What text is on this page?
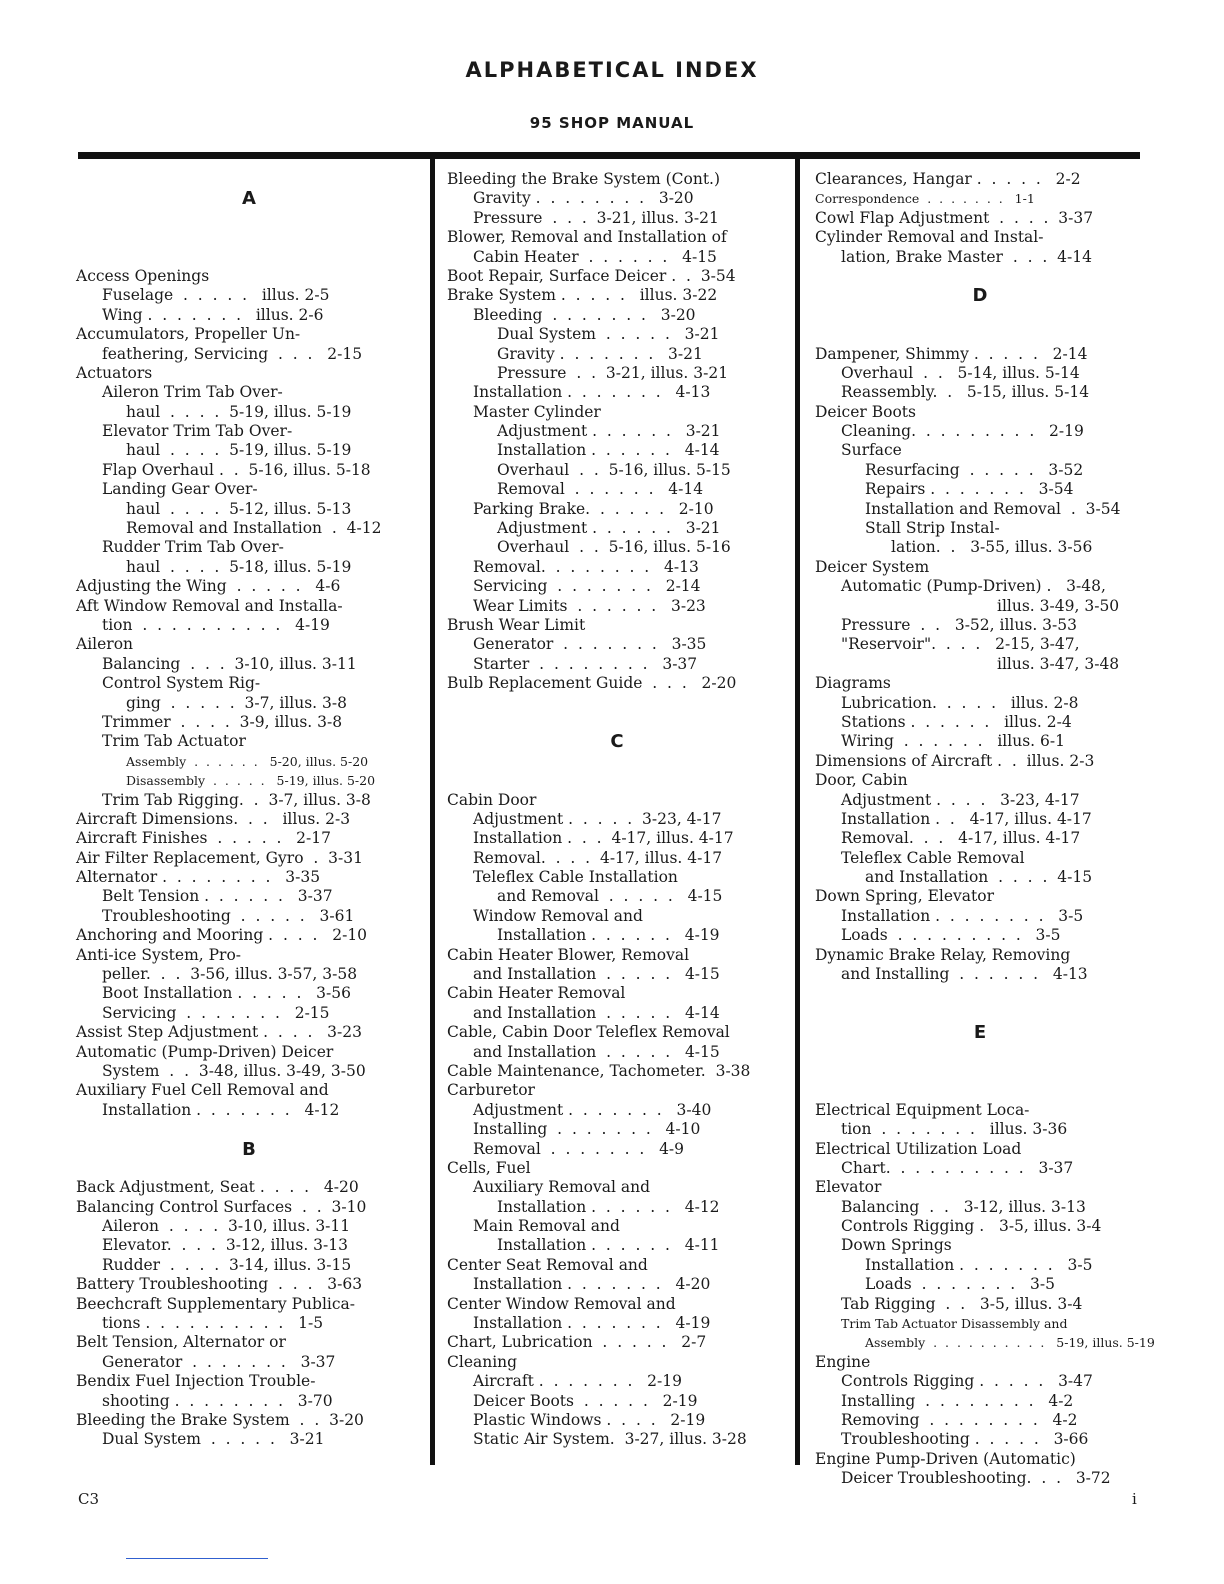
ALPHABETICAL INDEX
95 SHOP MANUAL
A
Access Openings
Fuselage  .  .  .  .  .   illus. 2-5
Wing .  .  .  .  .  .  .   illus. 2-6
Accumulators, Propeller Un-
feathering, Servicing  .  .  .   2-15
Actuators
Aileron Trim Tab Over-
haul  .  .  .  .  5-19, illus. 5-19
Elevator Trim Tab Over-
haul  .  .  .  .  5-19, illus. 5-19
Flap Overhaul .  .  5-16, illus. 5-18
Landing Gear Over-
haul  .  .  .  .  5-12, illus. 5-13
Removal and Installation  .  4-12
Rudder Trim Tab Over-
haul  .  .  .  .  5-18, illus. 5-19
Adjusting the Wing  .  .  .  .  .   4-6
Aft Window Removal and Installa-
tion  .  .  .  .  .  .  .  .  .  .   4-19
Aileron
Balancing  .  .  .  3-10, illus. 3-11
Control System Rig-
ging  .  .  .  .  .  3-7, illus. 3-8
Trimmer  .  .  .  .  3-9, illus. 3-8
Trim Tab Actuator
Assembly  .  .  .  .  .  .   5-20, illus. 5-20
Disassembly  .  .  .  .  .   5-19, illus. 5-20
Trim Tab Rigging.  .  3-7, illus. 3-8
Aircraft Dimensions.  .  .   illus. 2-3
Aircraft Finishes  .  .  .  .  .   2-17
Air Filter Replacement, Gyro  .  3-31
Alternator .  .  .  .  .  .  .  .   3-35
Belt Tension .  .  .  .  .  .   3-37
Troubleshooting  .  .  .  .  .   3-61
Anchoring and Mooring .  .  .  .   2-10
Anti-ice System, Pro-
peller.  .  .  3-56, illus. 3-57, 3-58
Boot Installation .  .  .  .  .   3-56
Servicing  .  .  .  .  .  .  .   2-15
Assist Step Adjustment .  .  .  .   3-23
Automatic (Pump-Driven) Deicer
System  .  .  3-48, illus. 3-49, 3-50
Auxiliary Fuel Cell Removal and
Installation .  .  .  .  .  .  .   4-12
B
Back Adjustment, Seat .  .  .  .   4-20
Balancing Control Surfaces  .  .  3-10
Aileron  .  .  .  .  3-10, illus. 3-11
Elevator.  .  .  .  3-12, illus. 3-13
Rudder  .  .  .  .  3-14, illus. 3-15
Battery Troubleshooting  .  .  .   3-63
Beechcraft Supplementary Publica-
tions .  .  .  .  .  .  .  .  .  .   1-5
Belt Tension, Alternator or
Generator  .  .  .  .  .  .  .   3-37
Bendix Fuel Injection Trouble-
shooting .  .  .  .  .  .  .  .   3-70
Bleeding the Brake System  .  .  3-20
Dual System  .  .  .  .  .   3-21
Bleeding the Brake System (Cont.)
Gravity .  .  .  .  .  .  .  .   3-20
Pressure  .  .  .  3-21, illus. 3-21
Blower, Removal and Installation of
Cabin Heater  .  .  .  .  .  .   4-15
Boot Repair, Surface Deicer .  .  3-54
Brake System .  .  .  .  .   illus. 3-22
Bleeding  .  .  .  .  .  .  .   3-20
Dual System  .  .  .  .  .   3-21
Gravity .  .  .  .  .  .  .   3-21
Pressure  .  .  3-21, illus. 3-21
Installation .  .  .  .  .  .  .   4-13
Master Cylinder
Adjustment .  .  .  .  .  .   3-21
Installation .  .  .  .  .  .   4-14
Overhaul  .  .  5-16, illus. 5-15
Removal  .  .  .  .  .  .   4-14
Parking Brake.  .  .  .  .  .   2-10
Adjustment .  .  .  .  .  .   3-21
Overhaul  .  .  5-16, illus. 5-16
Removal.  .  .  .  .  .  .  .   4-13
Servicing  .  .  .  .  .  .  .   2-14
Wear Limits  .  .  .  .  .  .   3-23
Brush Wear Limit
Generator  .  .  .  .  .  .  .   3-35
Starter  .  .  .  .  .  .  .  .   3-37
Bulb Replacement Guide  .  .  .   2-20
C
Cabin Door
Adjustment .  .  .  .  .  3-23, 4-17
Installation .  .  .  4-17, illus. 4-17
Removal.  .  .  .  4-17, illus. 4-17
Teleflex Cable Installation
and Removal  .  .  .  .  .   4-15
Window Removal and
Installation .  .  .  .  .  .   4-19
Cabin Heater Blower, Removal
and Installation  .  .  .  .  .   4-15
Cabin Heater Removal
and Installation  .  .  .  .  .   4-14
Cable, Cabin Door Teleflex Removal
and Installation  .  .  .  .  .   4-15
Cable Maintenance, Tachometer.  3-38
Carburetor
Adjustment .  .  .  .  .  .  .   3-40
Installing  .  .  .  .  .  .  .   4-10
Removal  .  .  .  .  .  .  .   4-9
Cells, Fuel
Auxiliary Removal and
Installation .  .  .  .  .  .   4-12
Main Removal and
Installation .  .  .  .  .  .   4-11
Center Seat Removal and
Installation .  .  .  .  .  .  .   4-20
Center Window Removal and
Installation .  .  .  .  .  .  .   4-19
Chart, Lubrication  .  .  .  .  .   2-7
Cleaning
Aircraft .  .  .  .  .  .  .   2-19
Deicer Boots  .  .  .  .  .   2-19
Plastic Windows .  .  .  .   2-19
Static Air System.  3-27, illus. 3-28
Clearances, Hangar .  .  .  .  .   2-2
Correspondence  .  .  .  .  .  .  .   1-1
Cowl Flap Adjustment  .  .  .  .  3-37
Cylinder Removal and Instal-
lation, Brake Master  .  .  .  4-14
D
Dampener, Shimmy .  .  .  .  .   2-14
Overhaul  .  .   5-14, illus. 5-14
Reassembly.  .   5-15, illus. 5-14
Deicer Boots
Cleaning.  .  .  .  .  .  .  .  .   2-19
Surface
Resurfacing  .  .  .  .  .   3-52
Repairs .  .  .  .  .  .  .   3-54
Installation and Removal  .  3-54
Stall Strip Instal-
lation.  .   3-55, illus. 3-56
Deicer System
Automatic (Pump-Driven) .   3-48,
illus. 3-49, 3-50
Pressure  .  .   3-52, illus. 3-53
"Reservoir".  .  .  .   2-15, 3-47,
illus. 3-47, 3-48
Diagrams
Lubrication.  .  .  .  .   illus. 2-8
Stations .  .  .  .  .  .   illus. 2-4
Wiring  .  .  .  .  .  .   illus. 6-1
Dimensions of Aircraft .  .  illus. 2-3
Door, Cabin
Adjustment .  .  .  .   3-23, 4-17
Installation .  .   4-17, illus. 4-17
Removal.  .  .   4-17, illus. 4-17
Teleflex Cable Removal
and Installation  .  .  .  .  4-15
Down Spring, Elevator
Installation .  .  .  .  .  .  .  .   3-5
Loads  .  .  .  .  .  .  .  .  .   3-5
Dynamic Brake Relay, Removing
and Installing  .  .  .  .  .  .   4-13
E
Electrical Equipment Loca-
tion  .  .  .  .  .  .  .   illus. 3-36
Electrical Utilization Load
Chart.  .  .  .  .  .  .  .  .  .   3-37
Elevator
Balancing  .  .   3-12, illus. 3-13
Controls Rigging .   3-5, illus. 3-4
Down Springs
Installation .  .  .  .  .  .  .   3-5
Loads  .  .  .  .  .  .  .   3-5
Tab Rigging  .  .   3-5, illus. 3-4
Trim Tab Actuator Disassembly and
Assembly  .  .  .  .  .  .  .  .  .  .   5-19, illus. 5-19
Engine
Controls Rigging .  .  .  .  .   3-47
Installing  .  .  .  .  .  .  .  .   4-2
Removing  .  .  .  .  .  .  .  .   4-2
Troubleshooting .  .  .  .  .   3-66
Engine Pump-Driven (Automatic)
Deicer Troubleshooting.  .  .   3-72
C3	i
